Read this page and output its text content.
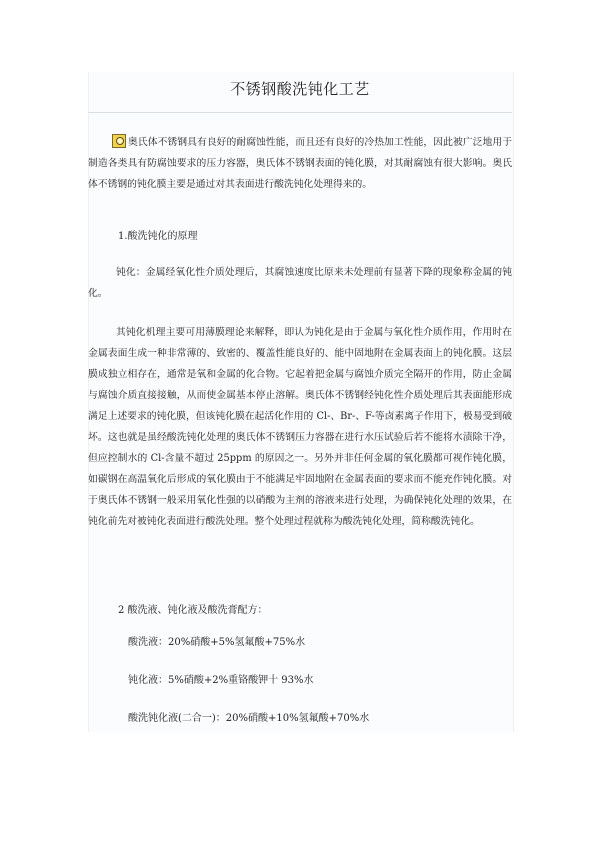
不锈钢酸洗钝化工艺

奥氏体不锈钢具有良好的耐腐蚀性能，而且还有良好的冷热加工性能，因此被广泛地用于制造各类具有防腐蚀要求的压力容器，奥氏体不锈钢表面的钝化膜，对其耐腐蚀有很大影响。奥氏体不锈钢的钝化膜主要是通过对其表面进行酸洗钝化处理得来的。

1.酸洗钝化的原理

钝化：金属经氧化性介质处理后，其腐蚀速度比原来未处理前有显著下降的现象称金属的钝化。

其钝化机理主要可用薄膜理论来解释，即认为钝化是由于金属与氧化性介质作用，作用时在金属表面生成一种非常薄的、致密的、覆盖性能良好的、能中固地附在金属表面上的钝化膜。这层膜成独立相存在，通常是氧和金属的化合物。它起着把金属与腐蚀介质完全隔开的作用，防止金属与腐蚀介质直接接触，从而使金属基本停止溶解。奥氏体不锈钢经钝化性介质处理后其表面能形成满足上述要求的钝化膜，但该钝化膜在起活化作用的 Cl-、Br-、F-等卤素离子作用下，极易受到破坏。这也就是虽经酸洗钝化处理的奥氏体不锈钢压力容器在进行水压试验后若不能将水渍除干净，但应控制水的 Cl-含量不超过 25ppm 的原因之一。另外并非任何金属的氧化膜都可视作钝化膜，如碳钢在高温氧化后形成的氧化膜由于不能满足牢固地附在金属表面的要求而不能充作钝化膜。对于奥氏体不锈钢一般采用氧化性强的以硝酸为主剂的溶液来进行处理，为确保钝化处理的效果，在钝化前先对被钝化表面进行酸洗处理。整个处理过程就称为酸洗钝化处理，简称酸洗钝化。

2 酸洗液、钝化液及酸洗膏配方：
酸洗液：20%硝酸+5%氢氟酸+75%水
钝化液：5%硝酸+2%重铬酸钾十 93%水
酸洗钝化液(二合一)：20%硝酸+10%氢氟酸+70%水
